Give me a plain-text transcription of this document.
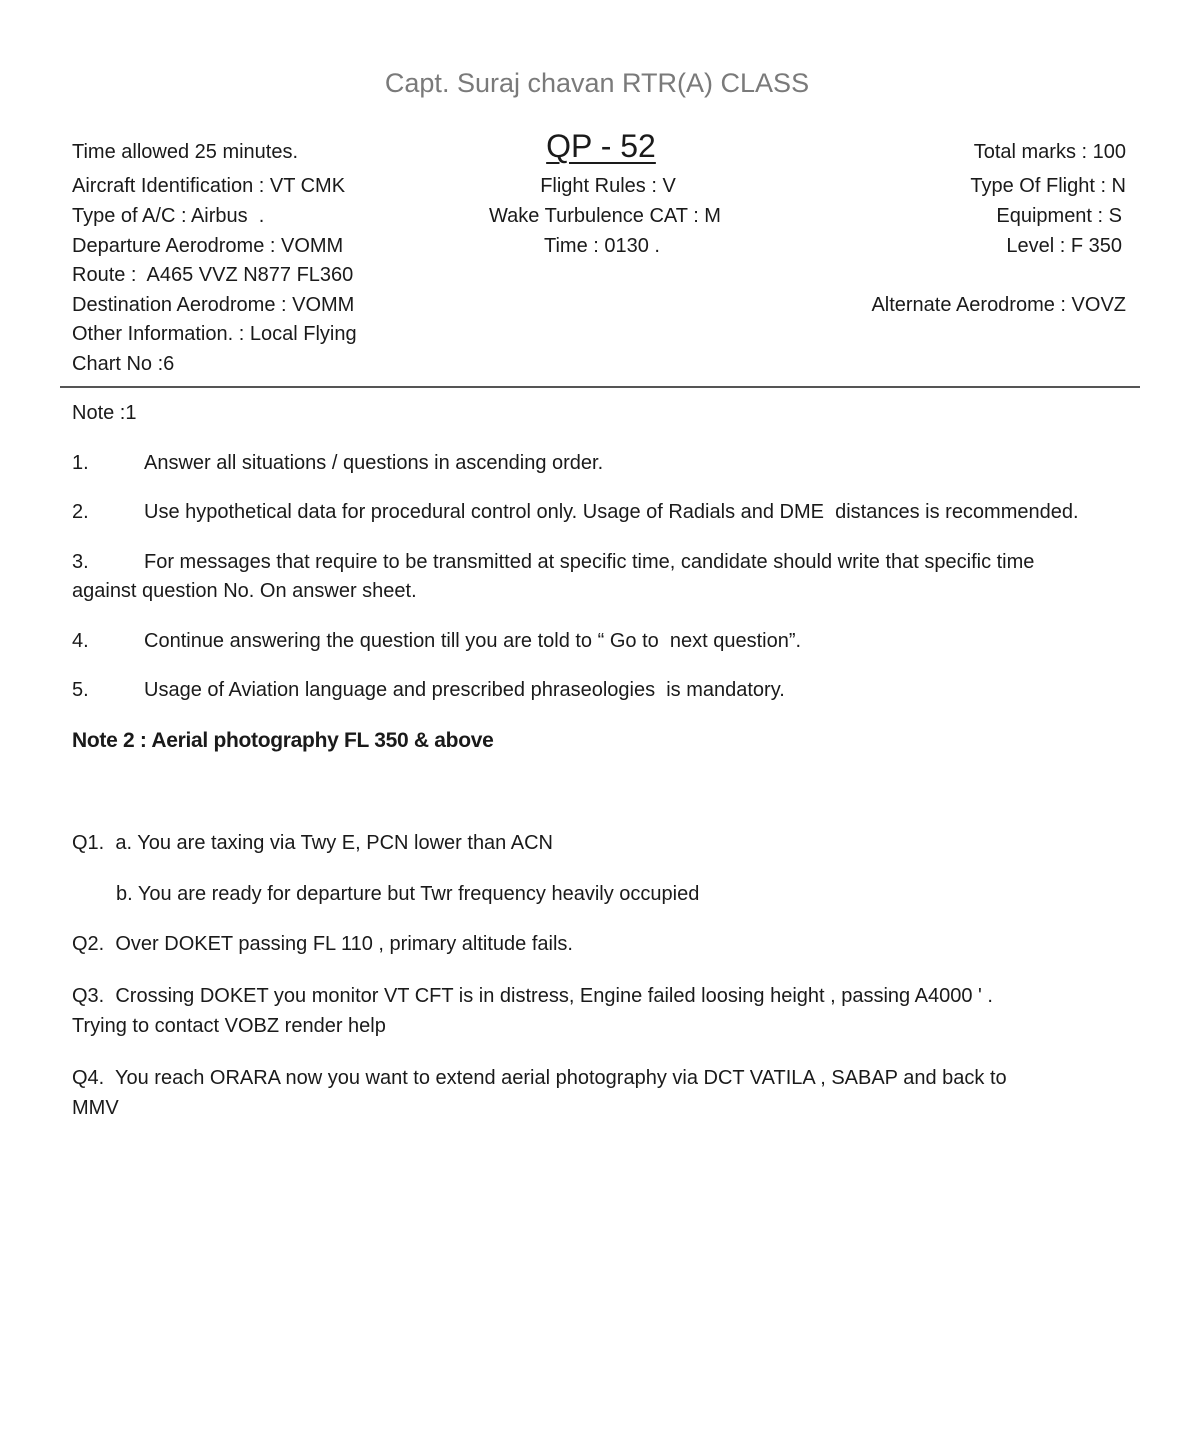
Capt. Suraj chavan RTR(A) CLASS
Time allowed 25 minutes.	QP - 52	Total marks : 100
Aircraft Identification : VT CMK	Flight Rules : V	Type Of Flight : N
Type of A/C : Airbus  .	Wake Turbulence CAT : M	Equipment : S
Departure Aerodrome : VOMM	Time : 0130 .	Level : F 350
Route :  A465 VVZ N877 FL360
Destination Aerodrome : VOMM	Alternate Aerodrome : VOVZ
Other Information. : Local Flying
Chart No :6
Note :1
1.	Answer all situations / questions in ascending order.
2.	Use hypothetical data for procedural control only. Usage of Radials and DME  distances is recommended.
3.	For messages that require to be transmitted at specific time, candidate should write that specific time
against question No. On answer sheet.
4.	Continue answering the question till you are told to “ Go to  next question”.
5.	Usage of Aviation language and prescribed phraseologies  is mandatory.
Note 2 : Aerial photography FL 350 & above
Q1.  a. You are taxing via Twy E, PCN lower than ACN
b. You are ready for departure but Twr frequency heavily occupied
Q2.  Over DOKET passing FL 110 , primary altitude fails.
Q3.  Crossing DOKET you monitor VT CFT is in distress, Engine failed loosing height , passing A4000 ' .
Trying to contact VOBZ render help
Q4.  You reach ORARA now you want to extend aerial photography via DCT VATILA , SABAP and back to
MMV
